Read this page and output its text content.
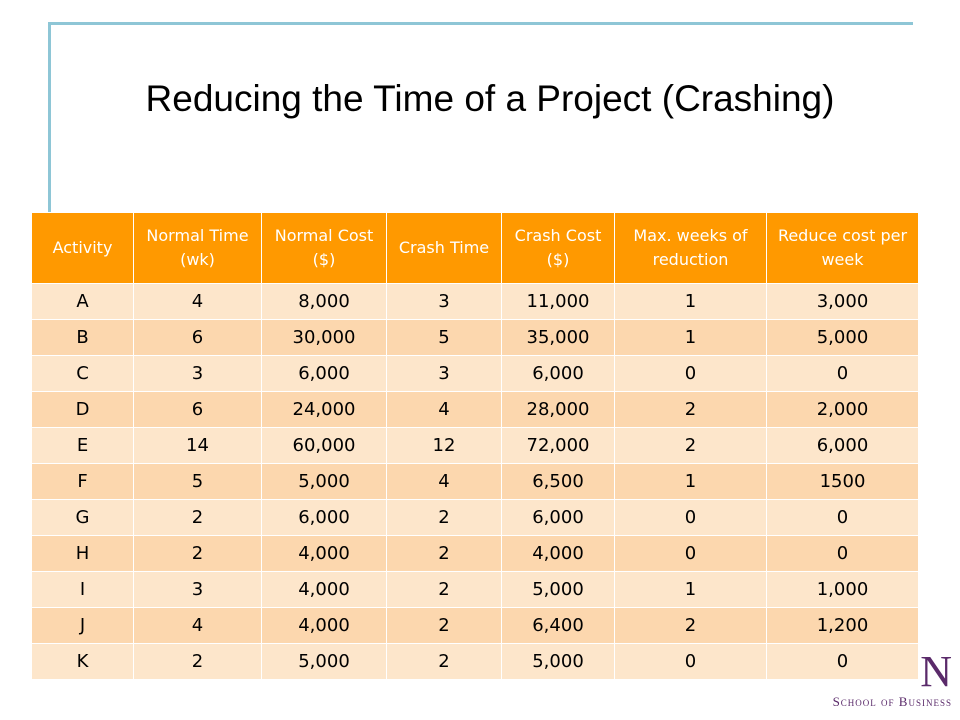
Reducing the Time of a Project (Crashing)
N
School of Business
Activity	Normal Time (wk)	Normal Cost ($)	Crash Time	Crash Cost ($)	Max. weeks of reduction	Reduce cost per week
A	4	8,000	3	11,000	1	3,000
B	6	30,000	5	35,000	1	5,000
C	3	6,000	3	6,000	0	0
D	6	24,000	4	28,000	2	2,000
E	14	60,000	12	72,000	2	6,000
F	5	5,000	4	6,500	1	1500
G	2	6,000	2	6,000	0	0
H	2	4,000	2	4,000	0	0
I	3	4,000	2	5,000	1	1,000
J	4	4,000	2	6,400	2	1,200
K	2	5,000	2	5,000	0	0
